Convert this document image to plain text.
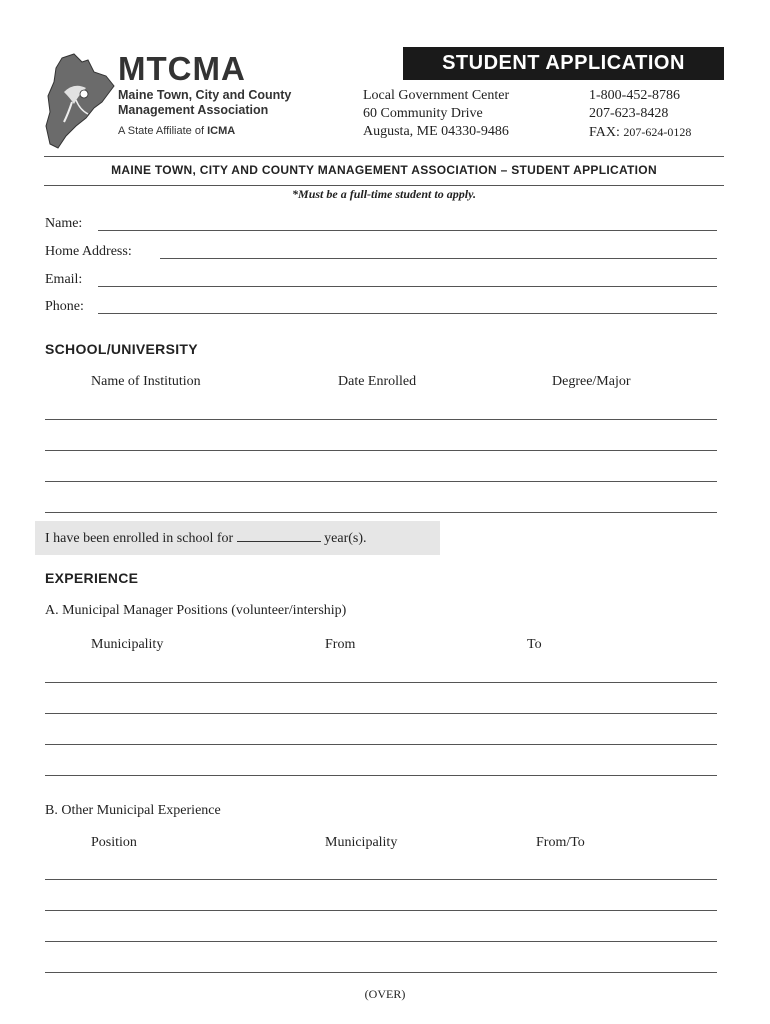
MTCMA
Maine Town, City and County
Management Association
A State Affiliate of ICMA
STUDENT APPLICATION
Local Government Center
60 Community Drive
Augusta, ME 04330-9486
1-800-452-8786
207-623-8428
FAX: 207-624-0128
MAINE TOWN, CITY AND COUNTY MANAGEMENT ASSOCIATION – STUDENT APPLICATION
*Must be a full-time student to apply.
Name:
Home Address:
Email:
Phone:
SCHOOL/UNIVERSITY
Name of Institution	Date Enrolled	Degree/Major
I have been enrolled in school for	year(s).
EXPERIENCE
A. Municipal Manager Positions (volunteer/intership)
Municipality	From	To
B. Other Municipal Experience
Position	Municipality	From/To
(OVER)
